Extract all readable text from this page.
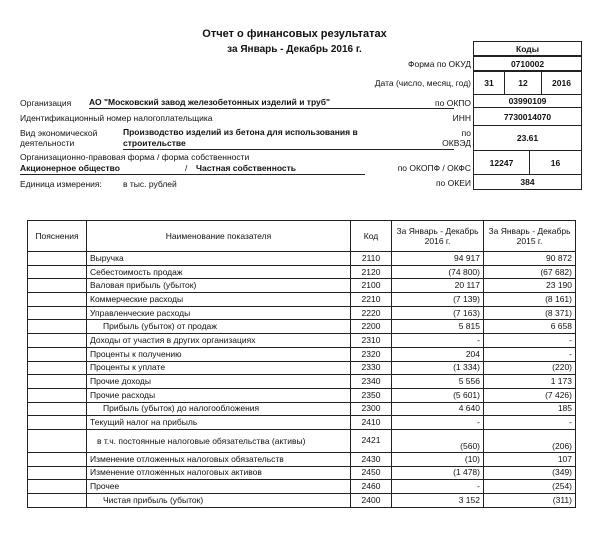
Отчет о финансовых результатах
за Январь - Декабрь 2016 г.	Коды
Форма по ОКУД	0710002
Дата (число, месяц, год) 31	12	2016
по ОКПО	03990109
ИНН	7730014070
по
ОКВЭД	23.61
по ОКОПФ / ОКФС
12247	16
по ОКЕИ	384
Организация АО "Московский завод железобетонных изделий и труб"
Идентификационный номер налогоплательщика
Вид экономической
деятельности
Производство изделий из бетона для использования в
строительстве
Организационно-правовая форма / форма собственности
Акционерное общество	/ Частная собственность
Единица измерения: в тыс. рублей
Пояснения	Наименование показателя	Код	За Январь - Декабрь 2016 г.	За Январь - Декабрь 2015 г.
	Выручка	2110	94 917	90 872
	Себестоимость продаж	2120	(74 800)	(67 682)
	Валовая прибыль (убыток)	2100	20 117	23 190
	Коммерческие расходы	2210	(7 139)	(8 161)
	Управленческие расходы	2220	(7 163)	(8 371)
	Прибыль (убыток) от продаж	2200	5 815	6 658
	Доходы от участия в других организациях	2310	-	-
	Проценты к получению	2320	204	-
	Проценты к уплате	2330	(1 334)	(220)
	Прочие доходы	2340	5 556	1 173
	Прочие расходы	2350	(5 601)	(7 426)
	Прибыль (убыток) до налогообложения	2300	4 640	185
	Текущий налог на прибыль	2410	-	-
	в т.ч. постоянные налоговые обязательства (активы)	2421	(560)	(206)
	Изменение отложенных налоговых обязательств	2430	(10)	107
	Изменение отложенных налоговых активов	2450	(1 478)	(349)
	Прочее	2460	-	(254)
	Чистая прибыль (убыток)	2400	3 152	(311)
